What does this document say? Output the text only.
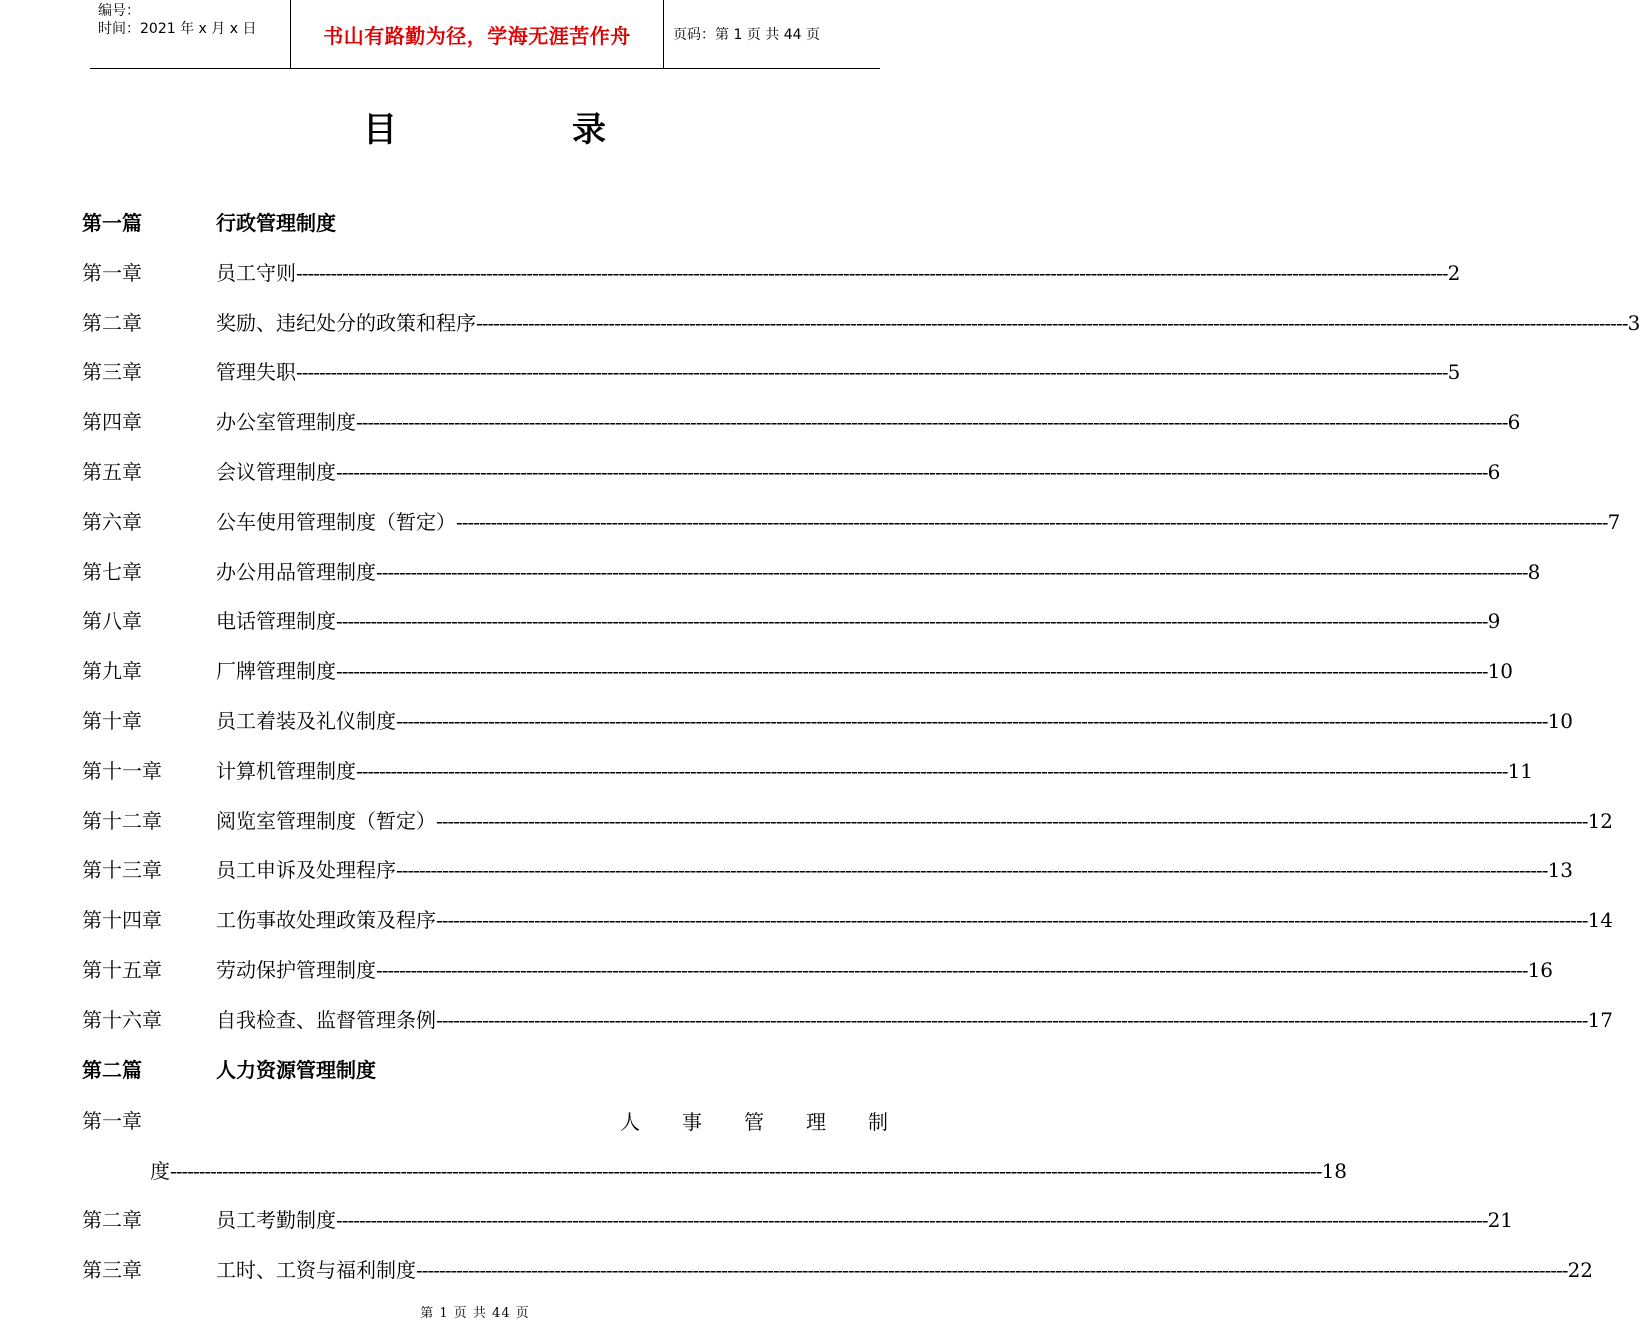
编号：
时间：2021 年 x 月 x 日	书山有路勤为径，学海无涯苦作舟	页码：第 1 页 共 44 页
目	录
第一篇	行政管理制度
第一章	员工守则 -------------------------------------------------------------------------------------------------------------------------------------------------------------------------------------------------------- 2
第二章	奖励、违纪处分的政策和程序 -------------------------------------------------------------------------------------------------------------------------------------------------------------------------------------------------------- 3
第三章	管理失职 -------------------------------------------------------------------------------------------------------------------------------------------------------------------------------------------------------- 5
第四章	办公室管理制度 -------------------------------------------------------------------------------------------------------------------------------------------------------------------------------------------------------- 6
第五章	会议管理制度 -------------------------------------------------------------------------------------------------------------------------------------------------------------------------------------------------------- 6
第六章	公车使用管理制度（暂定） -------------------------------------------------------------------------------------------------------------------------------------------------------------------------------------------------------- 7
第七章	办公用品管理制度 -------------------------------------------------------------------------------------------------------------------------------------------------------------------------------------------------------- 8
第八章	电话管理制度 -------------------------------------------------------------------------------------------------------------------------------------------------------------------------------------------------------- 9
第九章	厂牌管理制度 -------------------------------------------------------------------------------------------------------------------------------------------------------------------------------------------------------- 10
第十章	员工着装及礼仪制度 -------------------------------------------------------------------------------------------------------------------------------------------------------------------------------------------------------- 10
第十一章	计算机管理制度 -------------------------------------------------------------------------------------------------------------------------------------------------------------------------------------------------------- 11
第十二章	阅览室管理制度（暂定） -------------------------------------------------------------------------------------------------------------------------------------------------------------------------------------------------------- 12
第十三章	员工申诉及处理程序 -------------------------------------------------------------------------------------------------------------------------------------------------------------------------------------------------------- 13
第十四章	工伤事故处理政策及程序 -------------------------------------------------------------------------------------------------------------------------------------------------------------------------------------------------------- 14
第十五章	劳动保护管理制度 -------------------------------------------------------------------------------------------------------------------------------------------------------------------------------------------------------- 16
第十六章	自我检查、监督管理条例 -------------------------------------------------------------------------------------------------------------------------------------------------------------------------------------------------------- 17
第二篇	人力资源管理制度
第一章	人 事 管 理 制
度 -------------------------------------------------------------------------------------------------------------------------------------------------------------------------------------------------------- 18
第二章	员工考勤制度 -------------------------------------------------------------------------------------------------------------------------------------------------------------------------------------------------------- 21
第三章	工时、工资与福利制度 -------------------------------------------------------------------------------------------------------------------------------------------------------------------------------------------------------- 22
第 1 页 共 44 页
